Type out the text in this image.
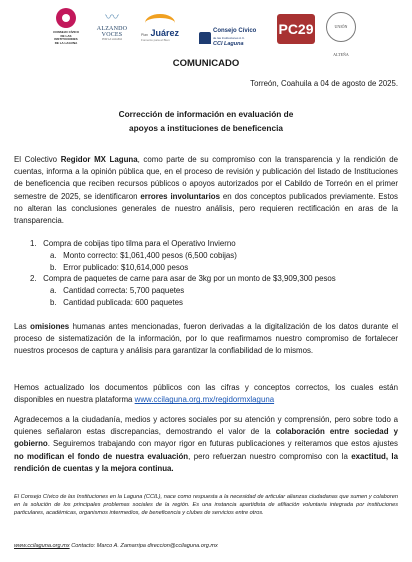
CONSEJO CÍVICO DE LAS INSTITUCIONES DE LA LAGUNA
〰
ALZANDO VOCES
POR LA LAGUNA
Plan Juárez
Fomento para el Bien
Consejo Cívico
de las Instituciones A.C.
CCI Laguna
PC29	UNIÓN ALTEÑA
COMUNICADO
Torreón, Coahuila a 04 de agosto de 2025.
Corrección de información en evaluación de
apoyos a instituciones de beneficencia

El Colectivo Regidor MX Laguna, como parte de su compromiso con la transparencia y la rendición de cuentas, informa a la opinión pública que, en el proceso de revisión y publicación del listado de Instituciones de beneficencia que reciben recursos públicos o apoyos autorizados por el Cabildo de Torreón en el primer semestre de 2025, se identificaron errores involuntarios en dos conceptos publicados previamente. Estos no alteran las conclusiones generales de nuestro análisis, pero requieren rectificación en aras de la transparencia.

1.   Compra de cobijas tipo tilma para el Operativo Invierno
a.   Monto correcto: $1,061,400 pesos (6,500 cobijas)
b.   Error publicado: $10,614,000 pesos
2.   Compra de paquetes de carne para asar de 3kg por un monto de $3,909,300 pesos
a.   Cantidad correcta: 5,700 paquetes
b.   Cantidad publicada: 600 paquetes

Las omisiones humanas antes mencionadas, fueron derivadas a la digitalización de los datos durante el proceso de sistematización de la información, por lo que reafirmamos nuestro compromiso de fortalecer nuestros procesos de captura y análisis para garantizar la confiabilidad de lo mismos.

Hemos actualizado los documentos públicos con las cifras y conceptos correctos, los cuales están disponibles en nuestra plataforma www.ccilaguna.org.mx/regidormxlaguna

Agradecemos a la ciudadanía, medios y actores sociales por su atención y comprensión, pero sobre todo a quienes señalaron estas discrepancias, demostrando el valor de la colaboración entre sociedad y gobierno. Seguiremos trabajando con mayor rigor en futuras publicaciones y reiteramos que estos ajustes no modifican el fondo de nuestra evaluación, pero refuerzan nuestro compromiso con la exactitud, la rendición de cuentas y la mejora continua.

El Consejo Cívico de las Instituciones en la Laguna (CCIL), nace como respuesta a la necesidad de articular alianzas ciudadanas que sumen y colaboren en la solución de los principales problemas sociales de la región. Es una instancia apartidista de afiliación voluntaria integrada por instituciones particulares, académicas, organismos intermedios, de beneficencia y clubes de servicios entre otros.
www.ccilaguna.org.mx Contacto: Marco A. Zamarripa direccion@ccilaguna.org.mx
